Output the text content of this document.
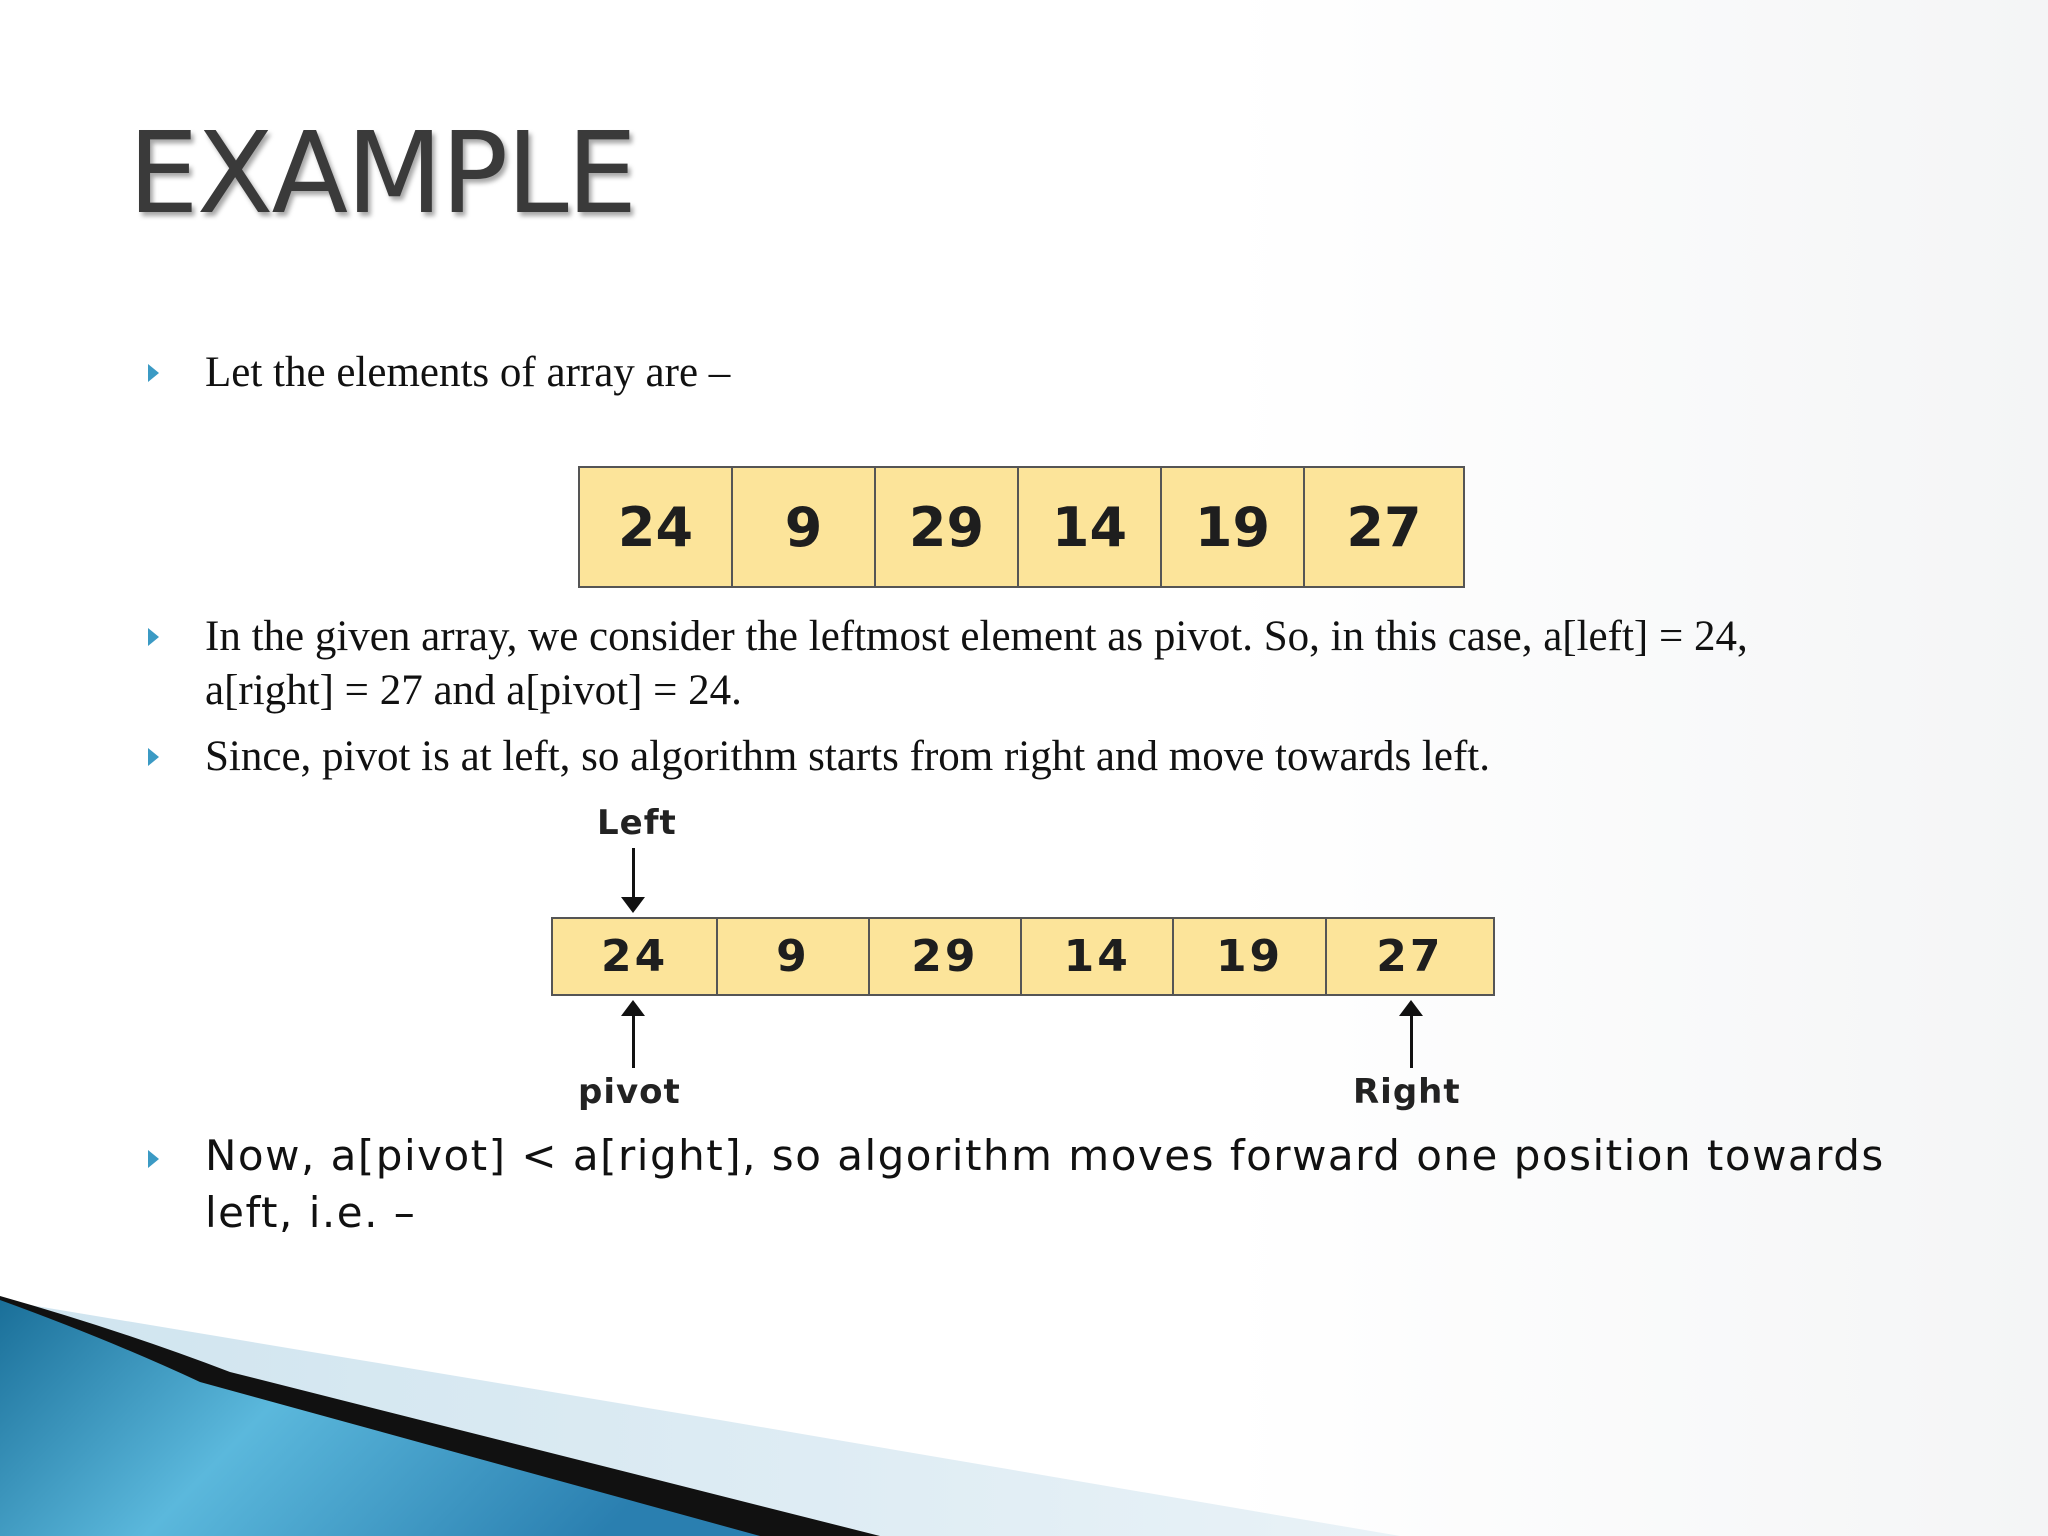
EXAMPLE
Let the elements of array are –
24	9	29	14	19	27
In the given array, we consider the leftmost element as pivot. So, in this case, a[left] = 24,
a[right] = 27 and a[pivot] = 24.
Since, pivot is at left, so algorithm starts from right and move towards left.
Left
24	9	29	14	19	27
pivot	Right
Now, a[pivot] < a[right], so algorithm moves forward one position towards
left, i.e. –
